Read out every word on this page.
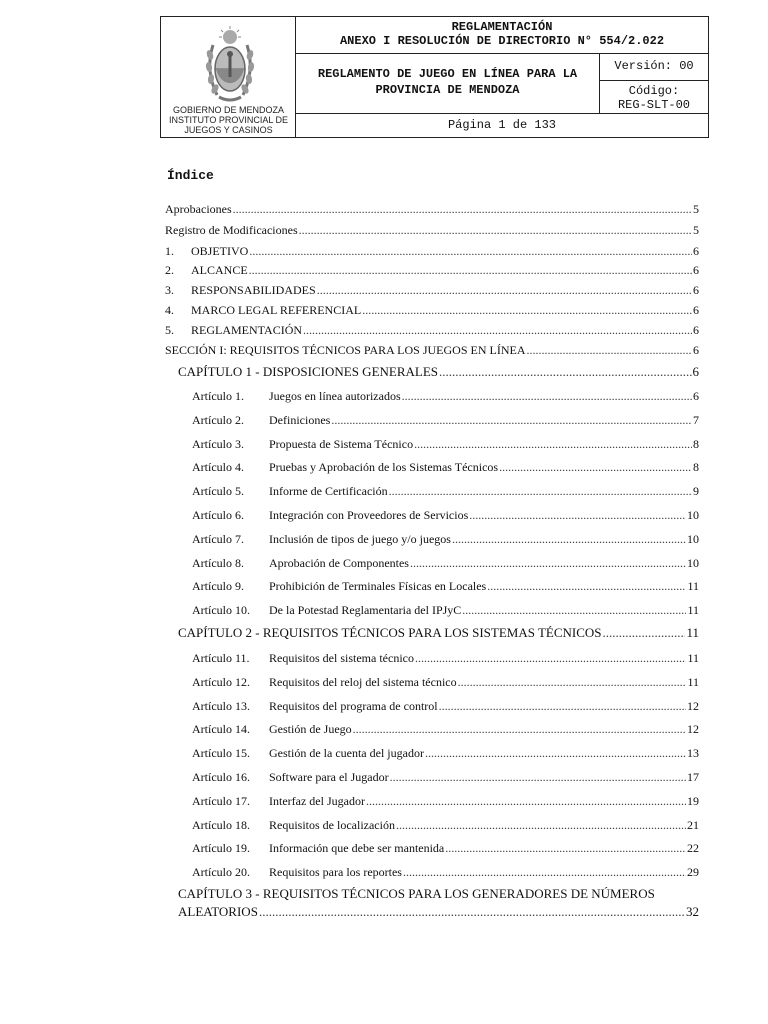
GOBIERNO DE MENDOZA
INSTITUTO PROVINCIAL DE
JUEGOS Y CASINOS
REGLAMENTACIÓN
ANEXO I RESOLUCIÓN DE DIRECTORIO N° 554/2.022
REGLAMENTO DE JUEGO EN LÍNEA PARA LA
PROVINCIA DE MENDOZA
Versión: 00
Código:
REG-SLT-00
Página 1 de 133
Índice
Aprobaciones .....	5
Registro de Modificaciones .....	5
1.	OBJETIVO .....	6
2.	ALCANCE .....	6
3.	RESPONSABILIDADES .....	6
4.	MARCO LEGAL REFERENCIAL .....	6
5.	REGLAMENTACIÓN .....	6
SECCIÓN I: REQUISITOS TÉCNICOS PARA LOS JUEGOS EN LÍNEA .....	6
CAPÍTULO 1 - DISPOSICIONES GENERALES .....	6
Artículo 1.	Juegos en línea autorizados .....	6
Artículo 2.	Definiciones .....	7
Artículo 3.	Propuesta de Sistema Técnico .....	8
Artículo 4.	Pruebas y Aprobación de los Sistemas Técnicos .....	8
Artículo 5.	Informe de Certificación .....	9
Artículo 6.	Integración con Proveedores de Servicios .....	10
Artículo 7.	Inclusión de tipos de juego y/o juegos .....	10
Artículo 8.	Aprobación de Componentes .....	10
Artículo 9.	Prohibición de Terminales Físicas en Locales .....	11
Artículo 10.	De la Potestad Reglamentaria del IPJyC .....	11
CAPÍTULO 2 - REQUISITOS TÉCNICOS PARA LOS SISTEMAS TÉCNICOS .....	11
Artículo 11.	Requisitos del sistema técnico .....	11
Artículo 12.	Requisitos del reloj del sistema técnico .....	11
Artículo 13.	Requisitos del programa de control .....	12
Artículo 14.	Gestión de Juego .....	12
Artículo 15.	Gestión de la cuenta del jugador .....	13
Artículo 16.	Software para el Jugador .....	17
Artículo 17.	Interfaz del Jugador .....	19
Artículo 18.	Requisitos de localización .....	21
Artículo 19.	Información que debe ser mantenida .....	22
Artículo 20.	Requisitos para los reportes .....	29
CAPÍTULO 3 - REQUISITOS TÉCNICOS PARA LOS GENERADORES DE NÚMEROS
ALEATORIOS .....	32
